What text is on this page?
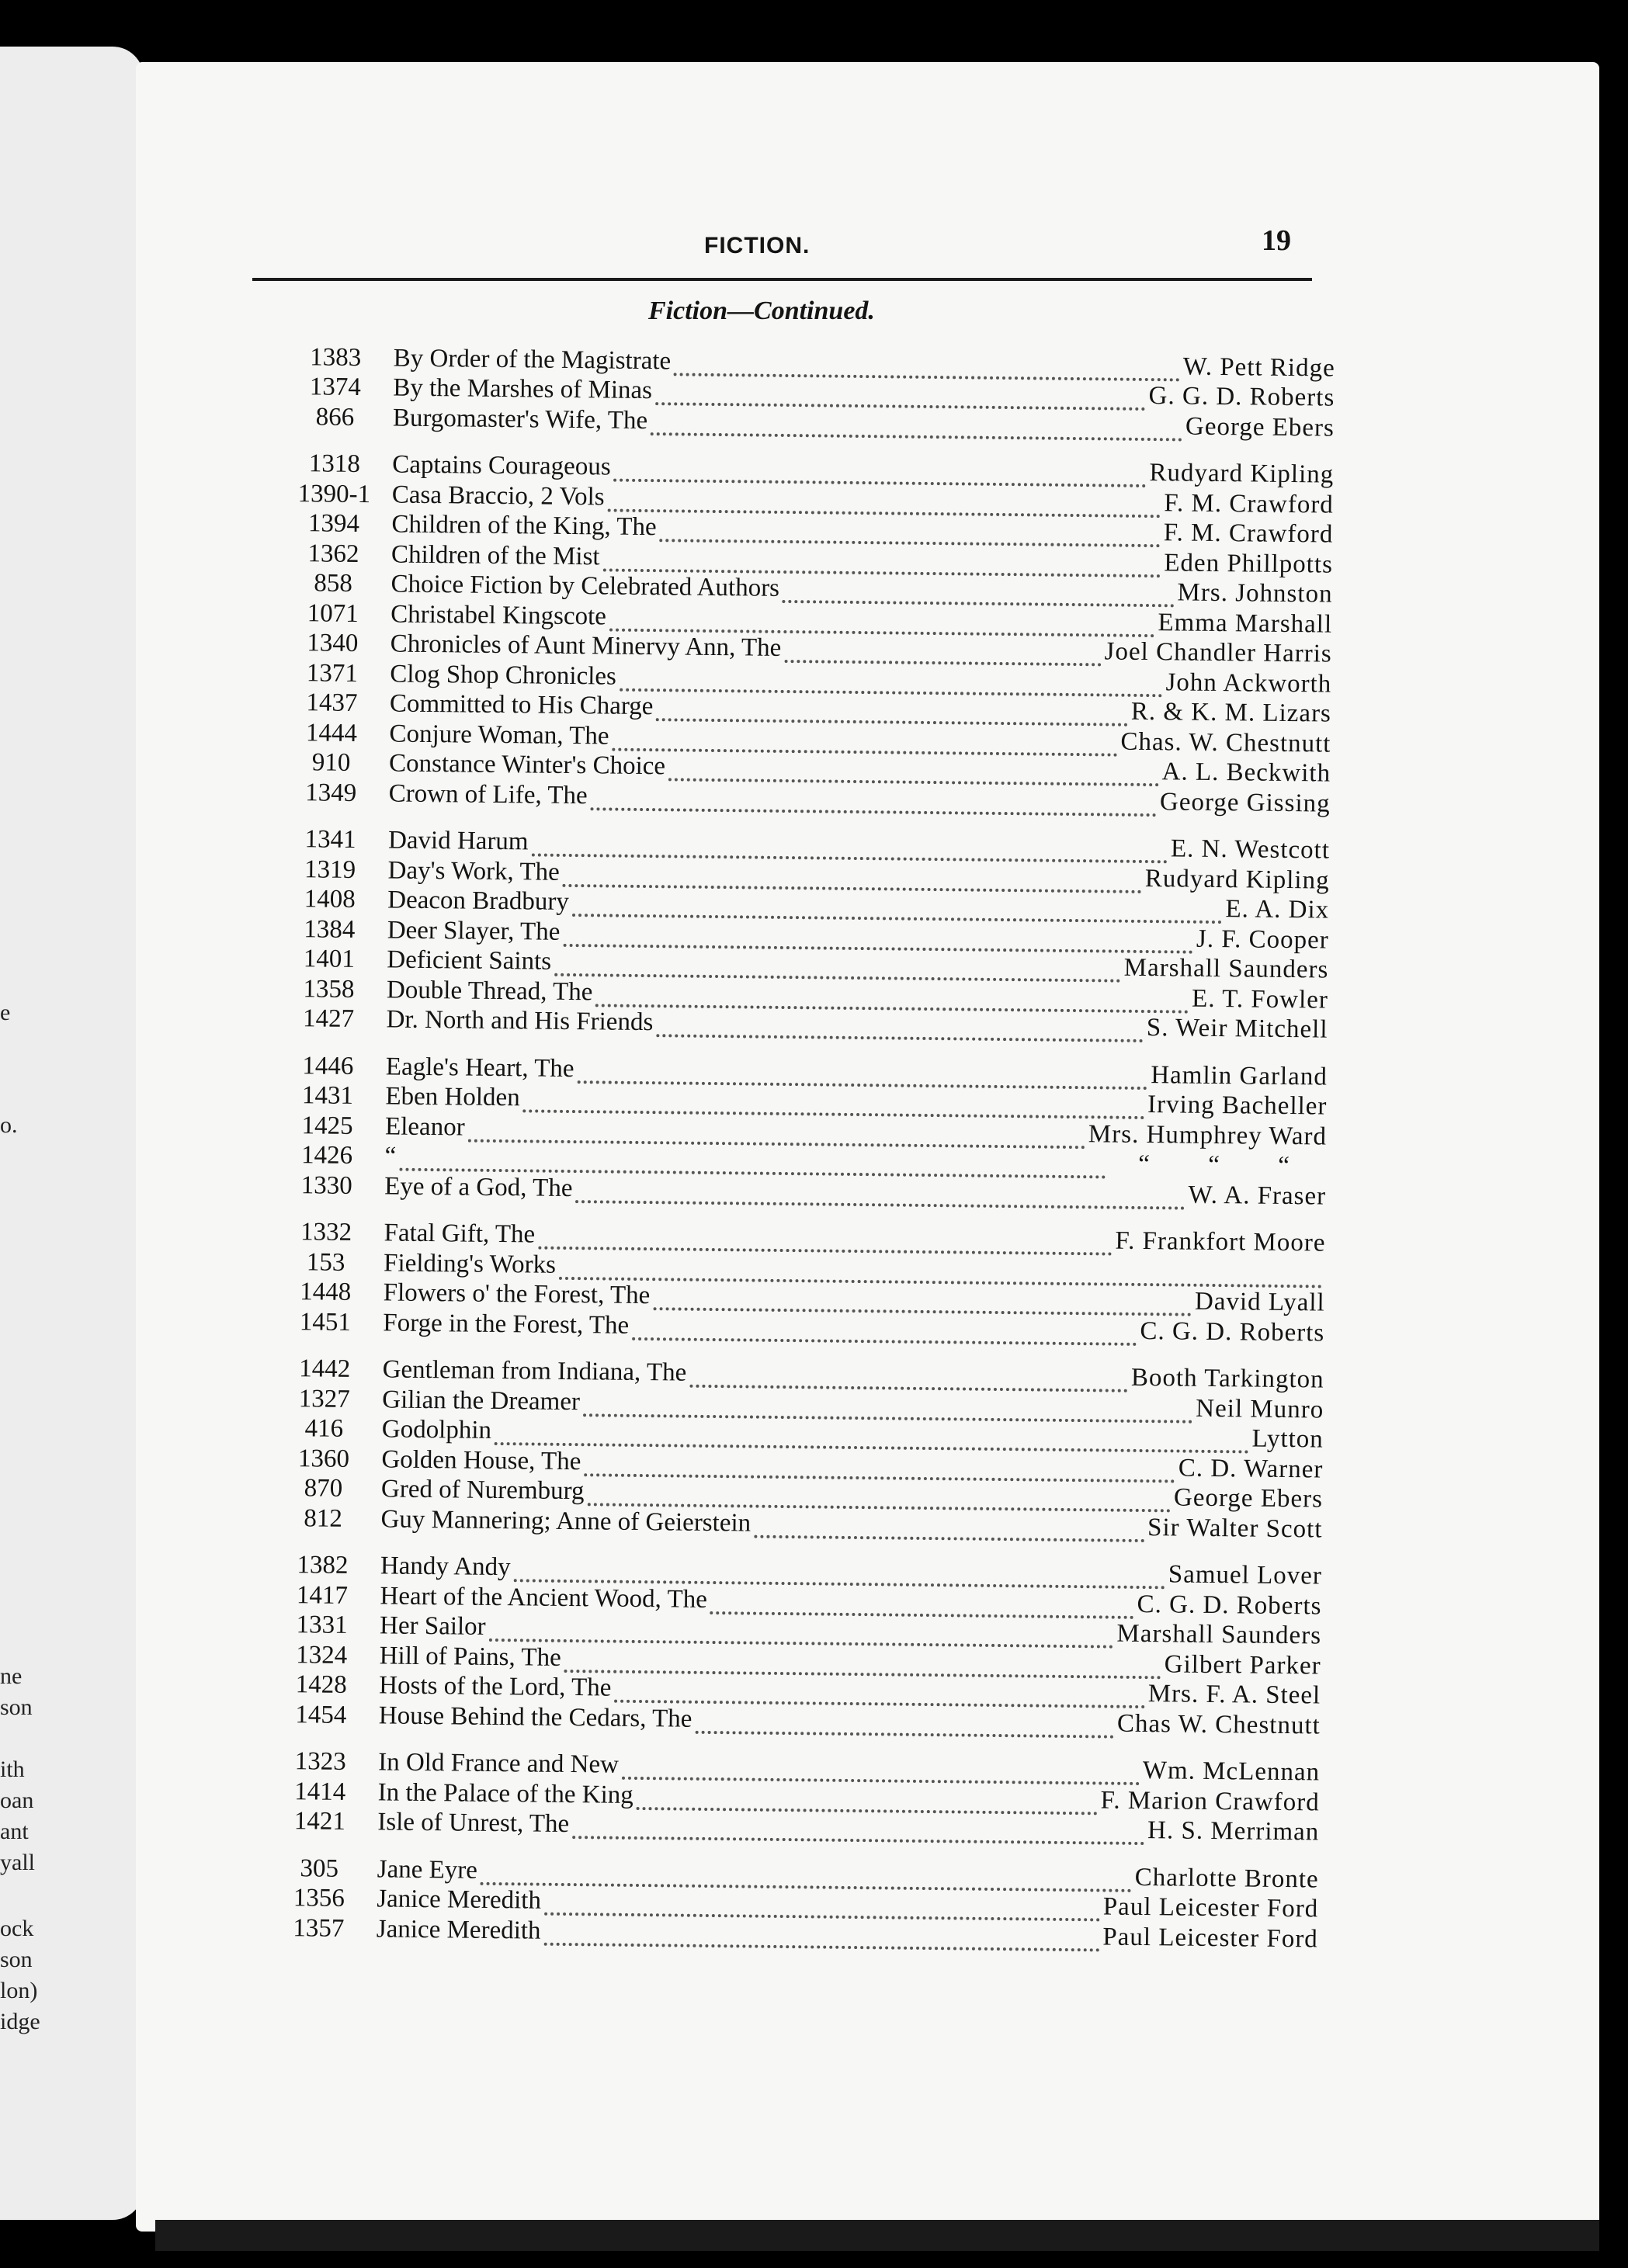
e
o.
ne
son
ith
oan
ant
yall
ock
son
lon)
idge
FICTION.	19
Fiction—Continued.
1383	By Order of the Magistrate	W. Pett Ridge
1374	By the Marshes of Minas	G. G. D. Roberts
866	Burgomaster's Wife, The	George Ebers
1318	Captains Courageous	Rudyard Kipling
1390-1 Casa Braccio, 2 Vols	F. M. Crawford
1394	Children of the King, The	F. M. Crawford
1362	Children of the Mist	Eden Phillpotts
858	Choice Fiction by Celebrated Authors	Mrs. Johnston
1071	Christabel Kingscote	Emma Marshall
1340	Chronicles of Aunt Minervy Ann, The	Joel Chandler Harris
1371	Clog Shop Chronicles	John Ackworth
1437	Committed to His Charge	R. & K. M. Lizars
1444	Conjure Woman, The	Chas. W. Chestnutt
910	Constance Winter's Choice	A. L. Beckwith
1349	Crown of Life, The	George Gissing
1341	David Harum	E. N. Westcott
1319	Day's Work, The	Rudyard Kipling
1408	Deacon Bradbury	E. A. Dix
1384	Deer Slayer, The	J. F. Cooper
1401	Deficient Saints	Marshall Saunders
1358	Double Thread, The	E. T. Fowler
1427	Dr. North and His Friends	S. Weir Mitchell
1446	Eagle's Heart, The	Hamlin Garland
1431	Eben Holden	Irving Bacheller
1425	Eleanor	Mrs. Humphrey Ward
1426	“	“ “ “
1330	Eye of a God, The	W. A. Fraser
1332	Fatal Gift, The	F. Frankfort Moore
153	Fielding's Works
1448	Flowers o' the Forest, The	David Lyall
1451	Forge in the Forest, The	C. G. D. Roberts
1442	Gentleman from Indiana, The	Booth Tarkington
1327	Gilian the Dreamer	Neil Munro
416	Godolphin	Lytton
1360	Golden House, The	C. D. Warner
870	Gred of Nuremburg	George Ebers
812	Guy Mannering; Anne of Geierstein	Sir Walter Scott
1382	Handy Andy	Samuel Lover
1417	Heart of the Ancient Wood, The	C. G. D. Roberts
1331	Her Sailor	Marshall Saunders
1324	Hill of Pains, The	Gilbert Parker
1428	Hosts of the Lord, The	Mrs. F. A. Steel
1454	House Behind the Cedars, The	Chas W. Chestnutt
1323	In Old France and New	Wm. McLennan
1414	In the Palace of the King	F. Marion Crawford
1421	Isle of Unrest, The	H. S. Merriman
305	Jane Eyre	Charlotte Bronte
1356	Janice Meredith	Paul Leicester Ford
1357	Janice Meredith	Paul Leicester Ford
